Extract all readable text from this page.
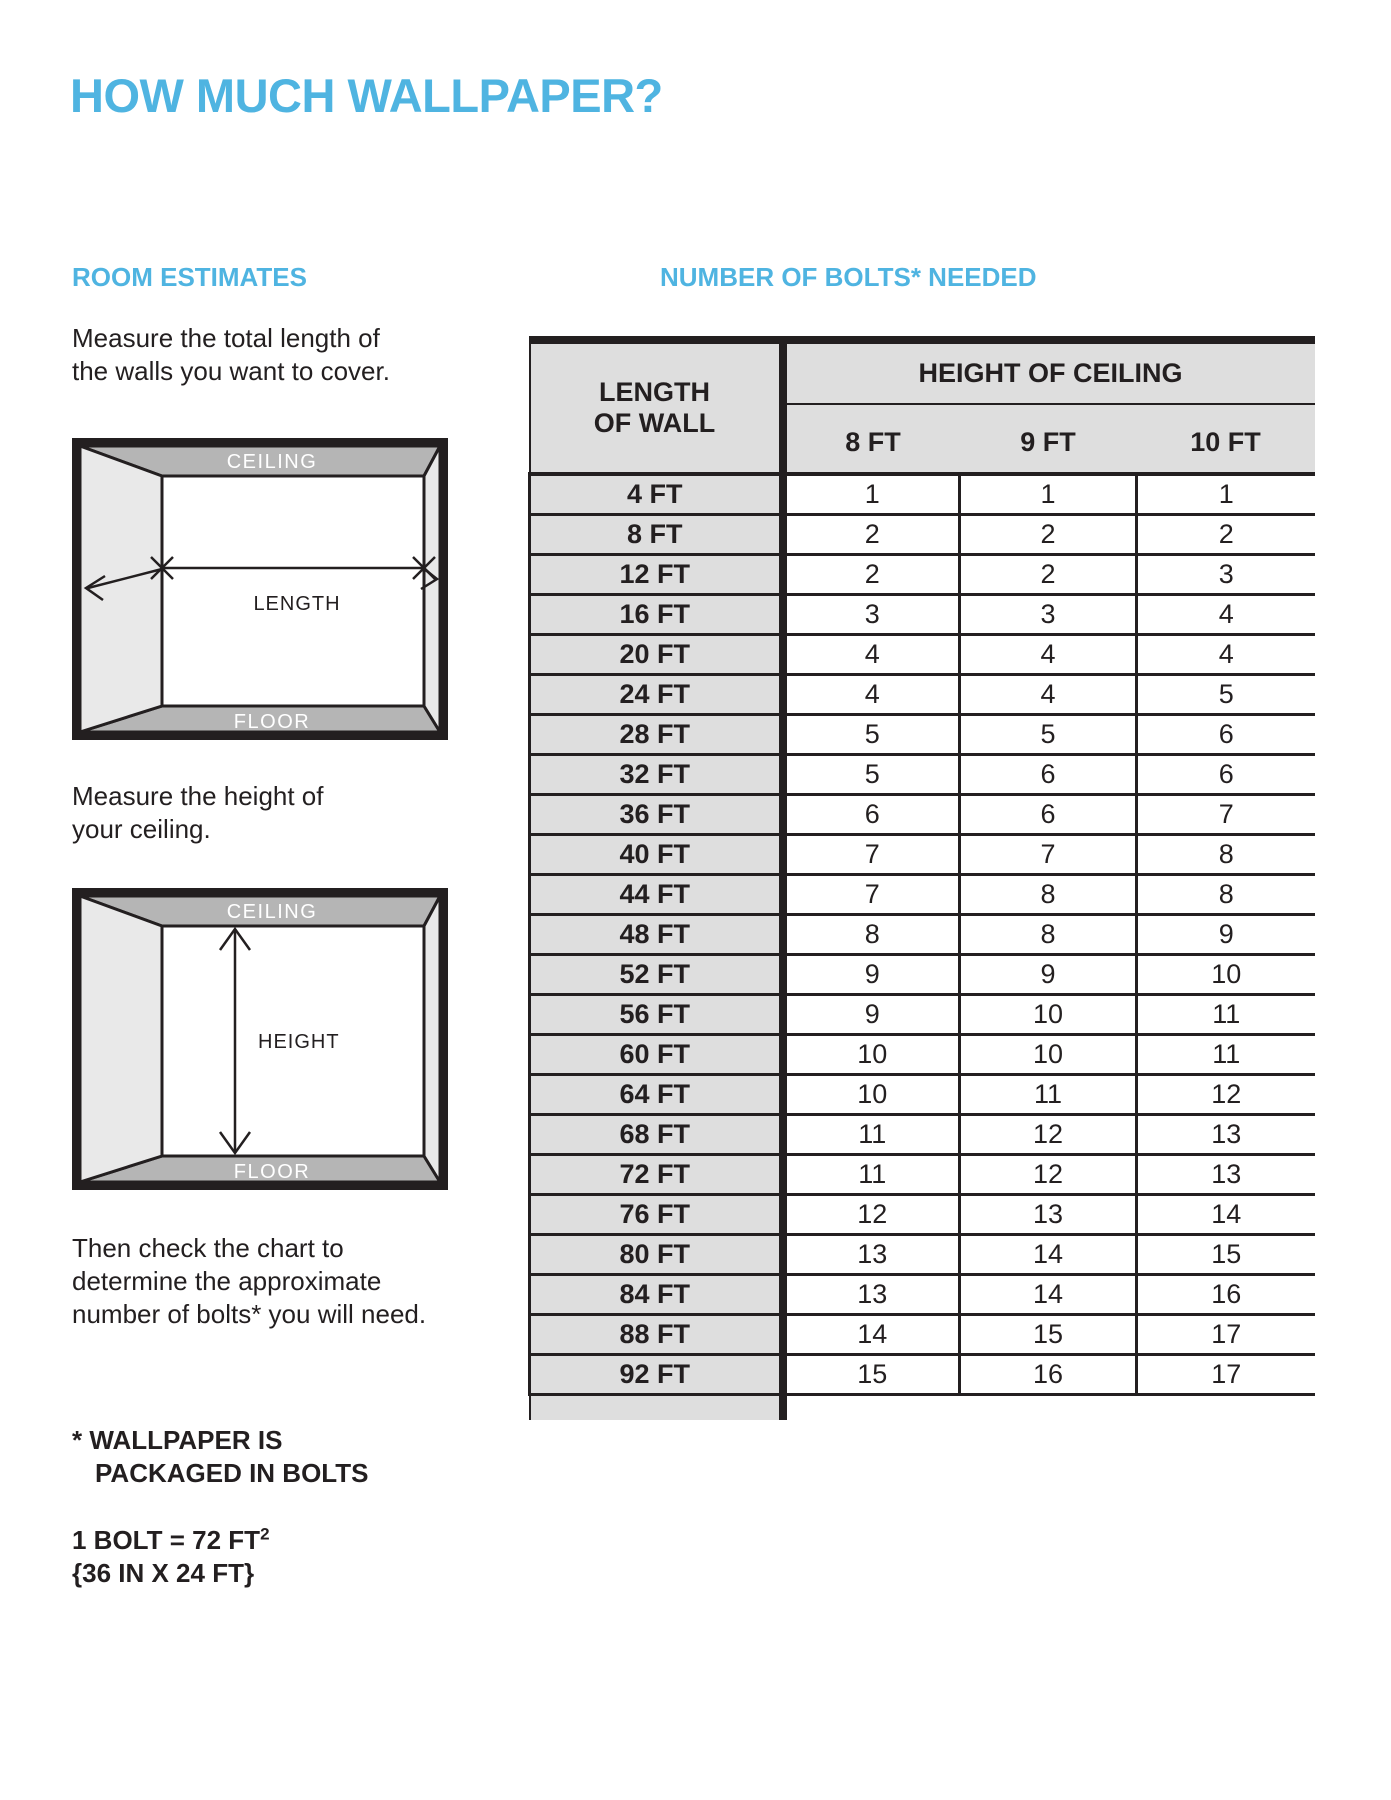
HOW MUCH WALLPAPER?
ROOM ESTIMATES
Measure the total length of
the walls you want to cover.
CEILING
FLOOR
LENGTH
Measure the height of
your ceiling.
CEILING
FLOOR
HEIGHT
Then check the chart to
determine the approximate
number of bolts* you will need.
* WALLPAPER IS
PACKAGED IN BOLTS
1 BOLT = 72 $FT^2$
{36 IN X 24 FT}
NUMBER OF BOLTS* NEEDED
LENGTH OF WALL	HEIGHT OF CEILING		
	8 FT	9 FT	10 FT
4 FT	1	1	1
8 FT	2	2	2
12 FT	2	2	3
16 FT	3	3	4
20 FT	4	4	4
24 FT	4	4	5
28 FT	5	5	6
32 FT	5	6	6
36 FT	6	6	7
40 FT	7	7	8
44 FT	7	8	8
48 FT	8	8	9
52 FT	9	9	10
56 FT	9	10	11
60 FT	10	10	11
64 FT	10	11	12
68 FT	11	12	13
72 FT	11	12	13
76 FT	12	13	14
80 FT	13	14	15
84 FT	13	14	16
88 FT	14	15	17
92 FT	15	16	17
